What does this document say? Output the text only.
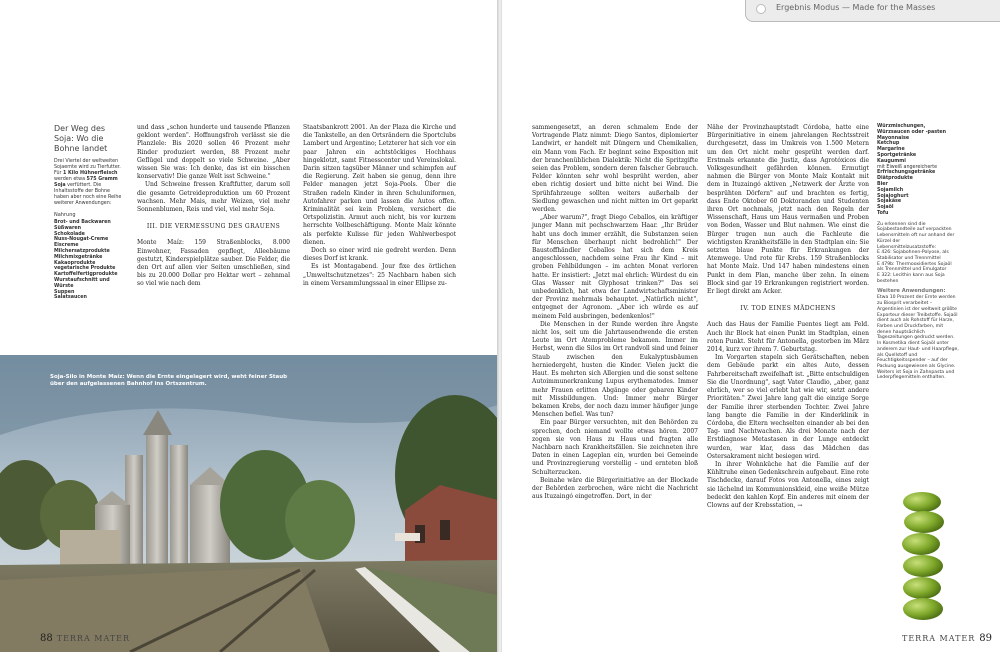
Der Weg des Soja: Wo die Bohne landet
Drei Viertel der weltweiten Sojaernte wird zu Tierfutter. Für 1 Kilo Hühnerfleisch werden etwa 575 Gramm Soja verfüttert. Die Inhaltsstoffe der Bohne haben aber noch eine Reihe weiterer Anwendungen:
Nahrung
Brot- und Backwaren
Süßwaren
Schokolade
Nuss-Nougat-Creme
Eiscreme
Milchersatzprodukte
Milchmixgetränke
Kakaoprodukte
vegetarische Produkte
Kartoffelfertigprodukte
Wurstaufschnitt und Würste
Suppen
Salatsaucen

und dass „schon hunderte und tausende Pflanzen geklont werden". Hoffnungsfroh verlässt sie die Planzlele: Bis 2020 sollen 46 Prozent mehr Rinder produziert werden, 88 Prozent mehr Geflügel und doppelt so viele Schweine. „Aber wissen Sie was: Ich denke, das ist ein bisschen konservativ! Die ganze Welt isst Schweine."

Und Schweine fressen Kraftfutter, darum soll die gesamte Getreideproduktion um 60 Prozent wachsen. Mehr Mais, mehr Weizen, viel mehr Sonnenblumen, Reis und viel, viel mehr Soja.

III. DIE VERMESSUNG DES GRAUENS

Monte Maíz: 159 Straßenblocks, 8.000 Einwohner, Fassaden gepflegt, Alleebäume gestutzt, Kinderspielplätze sauber. Die Felder, die den Ort auf allen vier Seiten umschließen, sind bis zu 20.000 Dollar pro Hektar wert – zehnmal so viel wie nach dem

Staatsbankrott 2001. An der Plaza die Kirche und die Tankstelle, an den Ortsrändern die Sportclubs Lambert und Argentino; Letzterer hat sich vor ein paar Jahren ein achtstöckiges Hochhaus hingeklotzt, samt Fitnesscenter und Vereinslokal. Darin sitzen tagsüber Männer und schimpfen auf die Regierung. Zeit haben sie genug, denn ihre Felder managen jetzt Soja-Pools. Über die Straßen radeln Kinder in ihren Schuluniformen, Autofahrer parken und lassen die Autos offen. Kriminalität sei kein Problem, versichert die Ortspolizistin. Armut auch nicht, bis vor kurzem herrschte Vollbeschäftigung. Monte Maíz könnte als perfekte Kulisse für jeden Wahlwerbespot dienen.

Doch so einer wird nie gedreht werden. Denn dieses Dorf ist krank.

Es ist Montagabend. Jour fixe des örtlichen „Umweltschutznetzes": 25 Nachbarn haben sich in einem Versammlungssaal in einer Ellipse zu-

Soja-Silo in Monte Maíz: Wenn die Ernte eingelagert wird, weht feiner Staub über den aufgelassenen Bahnhof ins Ortszentrum.
88 TERRA MATER

sammengesetzt, an deren schmalem Ende der Vortragende Platz nimmt: Diego Santos, diplomierter Landwirt, er handelt mit Düngern und Chemikalien, ein Mann vom Fach. Er beginnt seine Exposition mit der branchenüblichen Dialektik: Nicht die Spritzgifte seien das Problem, sondern deren falscher Gebrauch. Felder könnten sehr wohl besprüht werden, aber eben richtig dosiert und bitte nicht bei Wind. Die Sprühfahrzeuge sollten weiters außerhalb der Siedlung gewaschen und nicht mitten im Ort geparkt werden.

„Aber warum?", fragt Diego Ceballos, ein kräftiger junger Mann mit pechschwarzem Haar. „Ihr Brüder habt uns doch immer erzählt, die Substanzen seien für Menschen überhaupt nicht bedrohlich!" Der Baustoffhändler Ceballos hat sich dem Kreis angeschlossen, nachdem seine Frau ihr Kind – mit groben Fehlbildungen – im achten Monat verloren hatte. Er insistiert: „Jetzt mal ehrlich: Würdest du ein Glas Wasser mit Glyphosat trinken?" Das sei unbedenklich, hat etwa der Landwirtschaftsminister der Provinz mehrmals behauptet. „Natürlich nicht", entgegnet der Agronom. „Aber ich würde es auf meinem Feld ausbringen, bedenkenlos!"

Die Menschen in der Runde werden ihre Ängste nicht los, seit um die Jahrtausendwende die ersten Leute im Ort Atemprobleme bekamen. Immer im Herbst, wenn die Silos im Ort randvoll sind und feiner Staub zwischen den Eukalyptusbäumen herniedergeht, husten die Kinder. Vielen juckt die Haut. Es mehrten sich Allergien und die sonst seltene Autoimmunerkrankung Lupus erythematodes. Immer mehr Frauen erlitten Abgänge oder gebaren Kinder mit Missbildungen. Und: Immer mehr Bürger bekamen Krebs, der noch dazu immer häufiger junge Menschen befiel. Was tun?

Ein paar Bürger versuchten, mit den Behörden zu sprechen, doch niemand wollte etwas hören. 2007 zogen sie von Haus zu Haus und fragten alle Nachbarn nach Krankheitsfällen. Sie zeichneten ihre Daten in einen Lageplan ein, wurden bei Gemeinde und Provinzregierung vorstellig – und ernteten bloß Schulterzucken.

Beinahe wäre die Bürgerinitiative an der Blockade der Behörden zerbrochen, wäre nicht die Nachricht aus Ituzaingó eingetroffen. Dort, in der

Nähe der Provinzhauptstadt Córdoba, hatte eine Bürgerinitiative in einem jahrelangen Rechtsstreit durchgesetzt, dass im Umkreis von 1.500 Metern um den Ort nicht mehr gesprüht werden darf. Erstmals erkannte die Justiz, dass Agrotóxicos die Volksgesundheit gefährden können. Ermutigt nahmen die Bürger von Monte Maíz Kontakt mit dem in Ituzaingó aktiven „Netzwerk der Ärzte von besprühten Dörfern" auf und brachten es fertig, dass Ende Oktober 60 Doktoranden und Studenten ihren Ort nochmals, jetzt nach den Regeln der Wissenschaft, Haus um Haus vermaßen und Proben von Boden, Wasser und Blut nahmen. Wie einst die Bürger trugen nun auch die Fachleute die wichtigsten Krankheitsfälle in den Stadtplan ein: Sie setzten blaue Punkte für Erkrankungen der Atemwege. Und rote für Krebs. 159 Straßenblocks hat Monte Maíz. Und 147 haben mindestens einen Punkt in dem Plan, manche über zehn. In einem Block sind gar 19 Erkrankungen registriert worden. Er liegt direkt am Acker.

IV. TOD EINES MÄDCHENS

Auch das Haus der Familie Fuentes liegt am Feld. Auch ihr Block hat einen Punkt im Stadtplan, einen roten Punkt. Steht für Antonella, gestorben im März 2014, kurz vor ihrem 7. Geburtstag.

Im Vorgarten stapeln sich Gerätschaften, neben dem Gebäude parkt ein altes Auto, dessen Fahrbereitschaft zweifelhaft ist. „Bitte entschuldigen Sie die Unordnung", sagt Vater Claudio, „aber, ganz ehrlich, wer so viel erlebt hat wie wir, setzt andere Prioritäten." Zwei Jahre lang galt die einzige Sorge der Familie ihrer sterbenden Tochter. Zwei Jahre lang bangte die Familie in der Kinderklinik in Córdoba, die Eltern wechselten einander ab bei den Tag- und Nachtwachen. Als drei Monate nach der Erstdiagnose Metastasen in der Lunge entdeckt wurden, war klar, dass das Mädchen das Ostersakrament nicht besiegen wird.

In ihrer Wohnküche hat die Familie auf der Kühltruhe einen Gedenkschrein aufgebaut. Eine rote Tischdecke, darauf Fotos von Antonella, eines zeigt sie lächelnd im Kommunionskleid, eine weiße Mütze bedeckt den kahlen Kopf. Ein anderes mit einem der Clowns auf der Krebsstation, →

Würzmischungen,
Würzsaucen oder -pasten
Mayonnaise
Ketchup
Margarine
Sportgetränke
Kaugummi
mit Eiweiß angereicherte
Erfrischungsgetränke
Diätprodukte
Bier
Sojamilch
Sojajoghurt
Sojakäse
Sojaöl
Tofu
Zu erkennen sind die Sojabestandteile auf verpackten Lebensmitteln oft nur anhand der Kürzel der Lebensmittelzusatzstoffe:
E 426: Sojabohnen-Polyose, als Stabilisator und Trennmittel
E 479b: Thermooxidiertes Sojaöl als Trennmittel und Emulgator
E 322: Lecithin kann aus Soja bestehen
Weitere Anwendungen:
Etwa 10 Prozent der Ernte werden zu Biosprit verarbeitet – Argentinien ist der weltweit größte Exporteur dieser Treibstoffe. Sojaöl dient auch als Rohstoff für Harze, Farben und Druckfarben, mit denen hauptsächlich Tageszeitungen gedruckt werden. In Kosmetika dient Sojaöl unter anderem zur Haut- und Haarpflege, als Quellstoff und Feuchtigkeitsspender – auf der Packung ausgewiesen als Glycine. Weiters ist Soja in Zahnpasta und Lederpflegemitteln enthalten.
TERRA MATER 89
Ergebnis Modus — Made for the Masses
